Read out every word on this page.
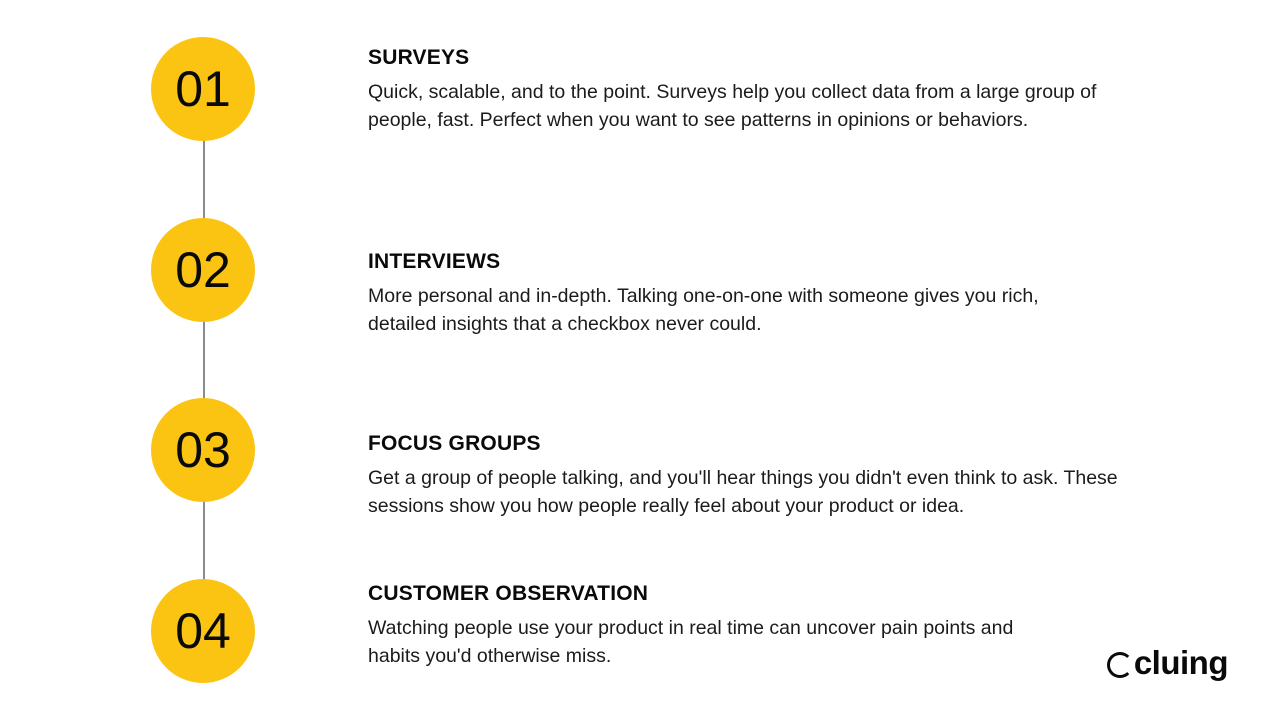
01
SURVEYS

Quick, scalable, and to the point. Surveys help you collect data from a large group of people, fast. Perfect when you want to see patterns in opinions or behaviors.

02	INTERVIEWS

More personal and in-depth. Talking one-on-one with someone gives you rich, detailed insights that a checkbox never could.

03	FOCUS GROUPS

Get a group of people talking, and you'll hear things you didn't even think to ask. These sessions show you how people really feel about your product or idea.

04
CUSTOMER OBSERVATION

Watching people use your product in real time can uncover pain points and habits you'd otherwise miss.	cluing
